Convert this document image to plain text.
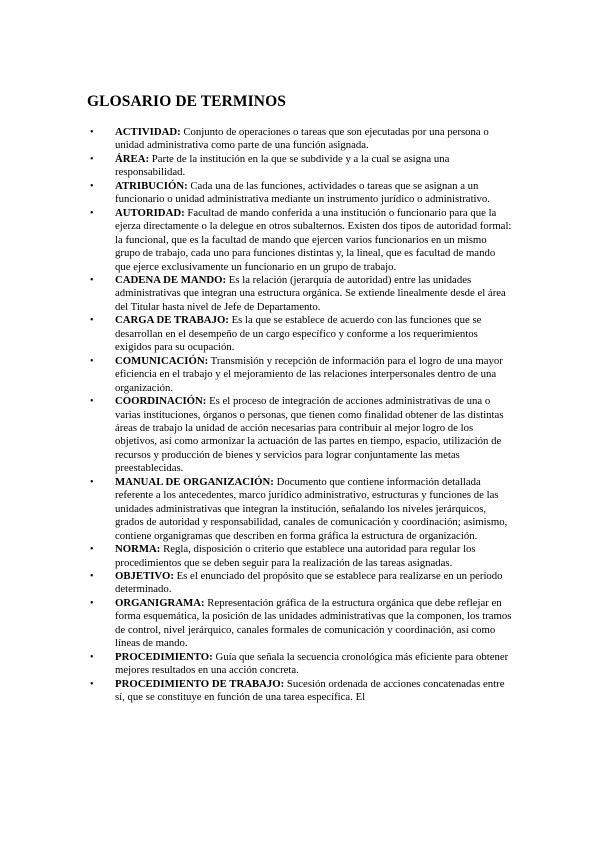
GLOSARIO DE TERMINOS
• ACTIVIDAD: Conjunto de operaciones o tareas que son ejecutadas por una persona o unidad administrativa como parte de una función asignada.
• ÁREA: Parte de la institución en la que se subdivide y a la cual se asigna una responsabilidad.
• ATRIBUCIÓN: Cada una de las funciones, actividades o tareas que se asignan a un funcionario o unidad administrativa mediante un instrumento jurídico o administrativo.
• AUTORIDAD: Facultad de mando conferida a una institución o funcionario para que la ejerza directamente o la delegue en otros subalternos. Existen dos tipos de autoridad formal: la funcional, que es la facultad de mando que ejercen varios funcionarios en un mismo grupo de trabajo, cada uno para funciones distintas y, la lineal, que es facultad de mando que ejerce exclusivamente un funcionario en un grupo de trabajo.
• CADENA DE MANDO: Es la relación (jerarquía de autoridad) entre las unidades administrativas que integran una estructura orgánica. Se extiende linealmente desde el área del Titular hasta nivel de Jefe de Departamento.
• CARGA DE TRABAJO: Es la que se establece de acuerdo con las funciones que se desarrollan en el desempeño de un cargo específico y conforme a los requerimientos exigidos para su ocupación.
• COMUNICACIÓN: Transmisión y recepción de información para el logro de una mayor eficiencia en el trabajo y el mejoramiento de las relaciones interpersonales dentro de una organización.
• COORDINACIÓN: Es el proceso de integración de acciones administrativas de una o varias instituciones, órganos o personas, que tienen como finalidad obtener de las distintas áreas de trabajo la unidad de acción necesarias para contribuir al mejor logro de los objetivos, así como armonizar la actuación de las partes en tiempo, espacio, utilización de recursos y producción de bienes y servicios para lograr conjuntamente las metas preestablecidas.
• MANUAL DE ORGANIZACIÓN: Documento que contiene información detallada referente a los antecedentes, marco jurídico administrativo, estructuras y funciones de las unidades administrativas que integran la institución, señalando los niveles jerárquicos, grados de autoridad y responsabilidad, canales de comunicación y coordinación; asimismo, contiene organigramas que describen en forma gráfica la estructura de organización.
• NORMA: Regla, disposición o criterio que establece una autoridad para regular los procedimientos que se deben seguir para la realización de las tareas asignadas.
• OBJETIVO: Es el enunciado del propósito que se establece para realizarse en un período determinado.
• ORGANIGRAMA: Representación gráfica de la estructura orgánica que debe reflejar en forma esquemática, la posición de las unidades administrativas que la componen, los tramos de control, nivel jerárquico, canales formales de comunicación y coordinación, así como líneas de mando.
• PROCEDIMIENTO: Guía que señala la secuencia cronológica más eficiente para obtener mejores resultados en una acción concreta.
• PROCEDIMIENTO DE TRABAJO: Sucesión ordenada de acciones concatenadas entre sí, que se constituye en función de una tarea específica. El
